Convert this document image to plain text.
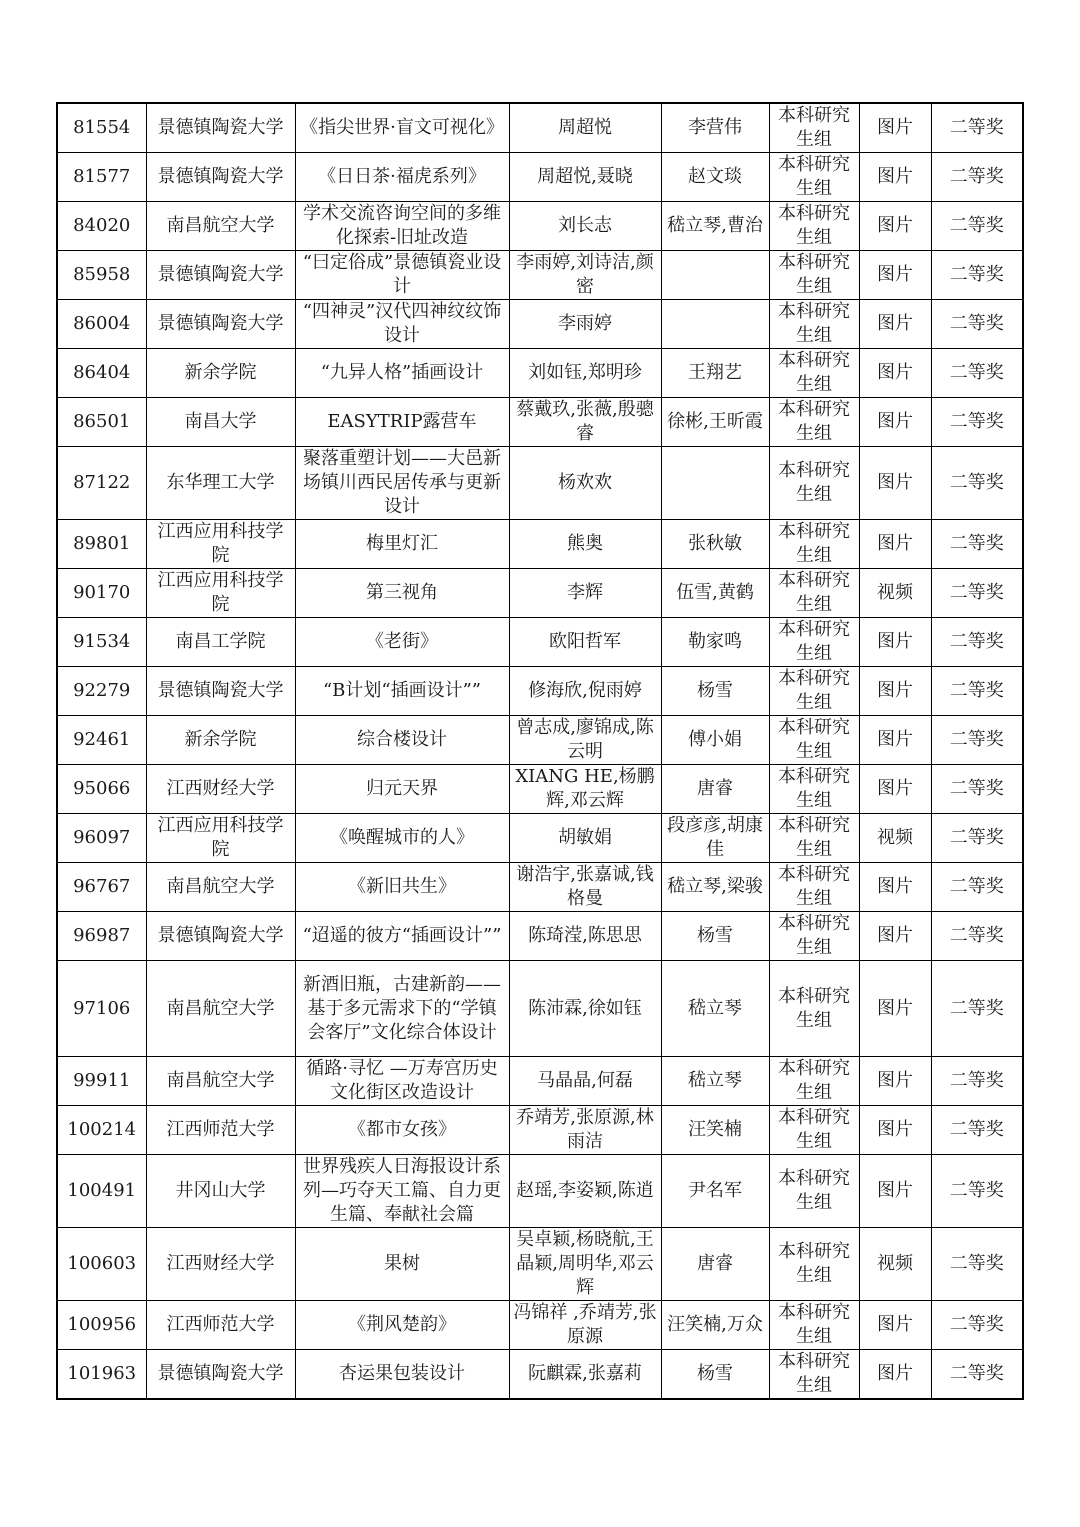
81554	景德镇陶瓷大学	《指尖世界·盲文可视化》	周超悦	李营伟	本科研究生组	图片	二等奖
81577	景德镇陶瓷大学	《日日茶·福虎系列》	周超悦,聂晓	赵文琰	本科研究生组	图片	二等奖
84020	南昌航空大学	学术交流咨询空间的多维化探索-旧址改造	刘长志	嵇立琴,曹治	本科研究生组	图片	二等奖
85958	景德镇陶瓷大学	“曰定俗成”景德镇瓷业设计	李雨婷,刘诗洁,颜密		本科研究生组	图片	二等奖
86004	景德镇陶瓷大学	“四神灵”汉代四神纹纹饰设计	李雨婷		本科研究生组	图片	二等奖
86404	新余学院	“九异人格”插画设计	刘如钰,郑明珍	王翔艺	本科研究生组	图片	二等奖
86501	南昌大学	EASYTRIP露营车	蔡戴玖,张薇,殷骢睿	徐彬,王昕霞	本科研究生组	图片	二等奖
87122	东华理工大学	聚落重塑计划——大邑新场镇川西民居传承与更新设计	杨欢欢		本科研究生组	图片	二等奖
89801	江西应用科技学院	梅里灯汇	熊奥	张秋敏	本科研究生组	图片	二等奖
90170	江西应用科技学院	第三视角	李辉	伍雪,黄鹤	本科研究生组	视频	二等奖
91534	南昌工学院	《老街》	欧阳哲军	勒家鸣	本科研究生组	图片	二等奖
92279	景德镇陶瓷大学	“B计划“插画设计””	修海欣,倪雨婷	杨雪	本科研究生组	图片	二等奖
92461	新余学院	综合楼设计	曾志成,廖锦成,陈云明	傅小娟	本科研究生组	图片	二等奖
95066	江西财经大学	归元天界	XIANG HE,杨鹏辉,邓云辉	唐睿	本科研究生组	图片	二等奖
96097	江西应用科技学院	《唤醒城市的人》	胡敏娟	段彦彦,胡康佳	本科研究生组	视频	二等奖
96767	南昌航空大学	《新旧共生》	谢浩宇,张嘉诚,钱格曼	嵇立琴,梁骏	本科研究生组	图片	二等奖
96987	景德镇陶瓷大学	“迢遥的彼方“插画设计””	陈琦滢,陈思思	杨雪	本科研究生组	图片	二等奖
97106	南昌航空大学	新酒旧瓶，古建新韵——基于多元需求下的“学镇会客厅”文化综合体设计	陈沛霖,徐如钰	嵇立琴	本科研究生组	图片	二等奖
99911	南昌航空大学	循路·寻忆 —万寿宫历史文化街区改造设计	马晶晶,何磊	嵇立琴	本科研究生组	图片	二等奖
100214	江西师范大学	《都市女孩》	乔靖芳,张原源,林雨洁	汪笑楠	本科研究生组	图片	二等奖
100491	井冈山大学	世界残疾人日海报设计系列—巧夺天工篇、自力更生篇、奉献社会篇	赵瑶,李姿颖,陈逍	尹名军	本科研究生组	图片	二等奖
100603	江西财经大学	果树	吴卓颖,杨晓航,王晶颖,周明华,邓云辉	唐睿	本科研究生组	视频	二等奖
100956	江西师范大学	《荆风楚韵》	冯锦祥 ,乔靖芳,张原源	汪笑楠,万众	本科研究生组	图片	二等奖
101963	景德镇陶瓷大学	杏运果包装设计	阮麒霖,张嘉莉	杨雪	本科研究生组	图片	二等奖
